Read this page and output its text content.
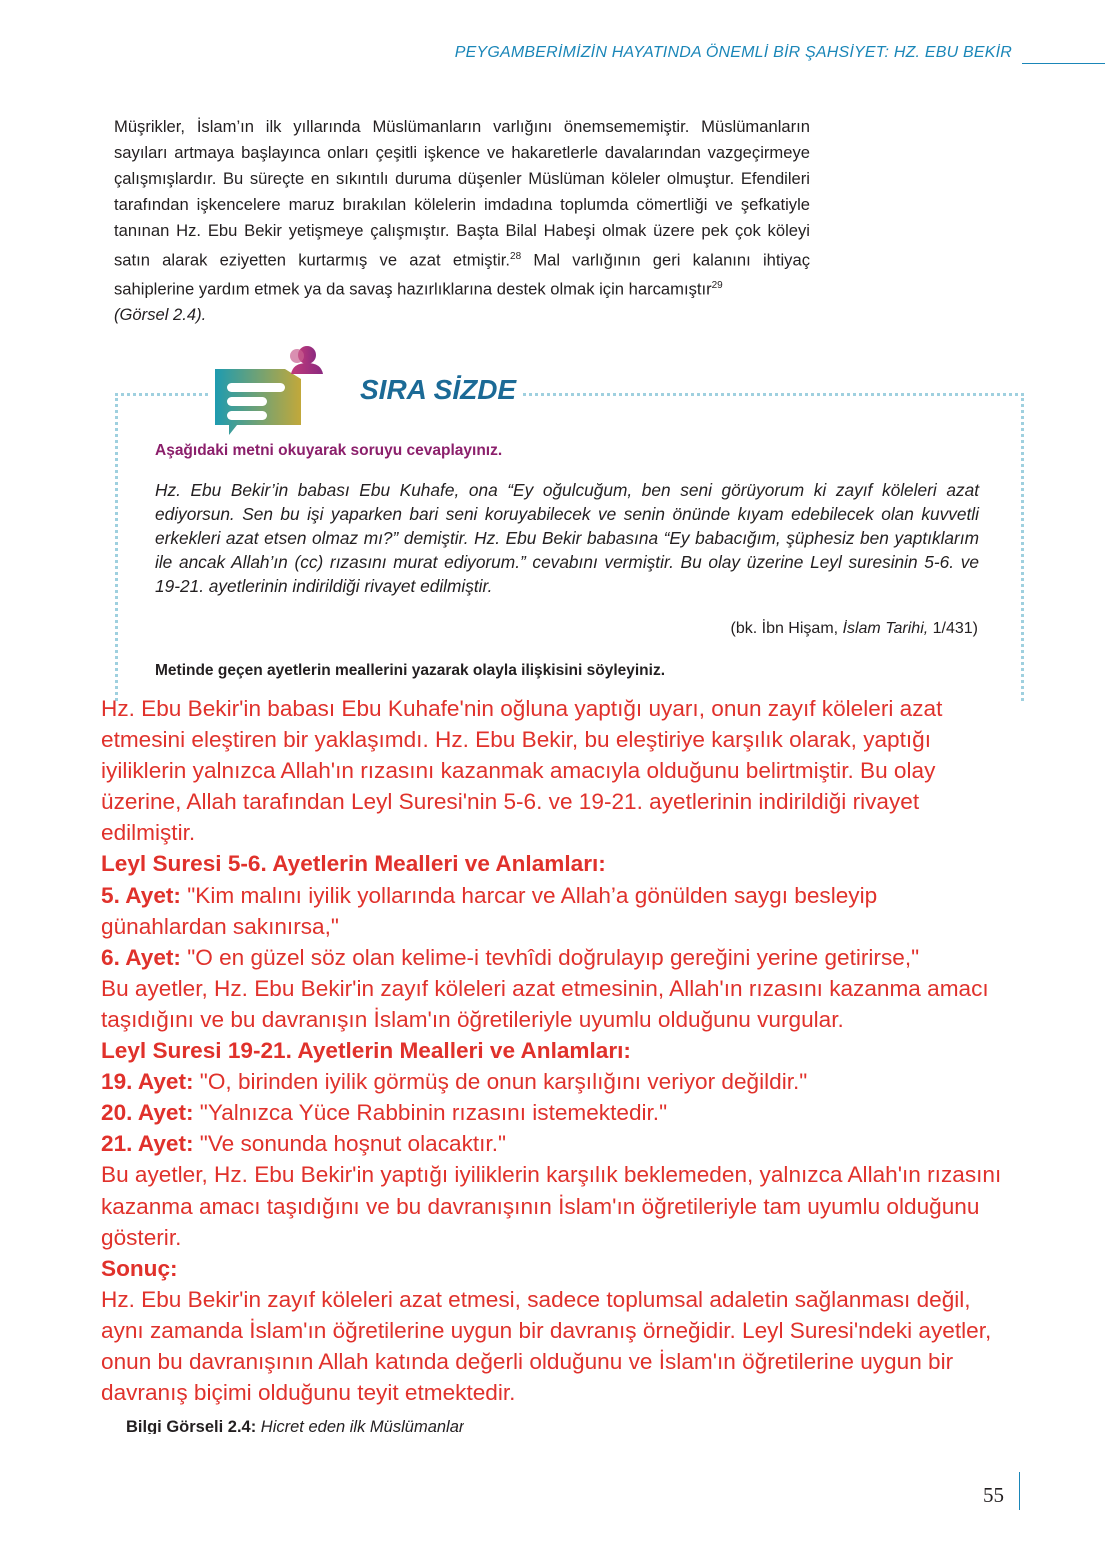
PEYGAMBERİMİZİN HAYATINDA ÖNEMLİ BİR ŞAHSİYET: HZ. EBU BEKİR
Müşrikler, İslam’ın ilk yıllarında Müslümanların varlığını önemsememiştir. Müslümanların sayıları artmaya başlayınca onları çeşitli işkence ve hakaretlerle davalarından vazgeçirmeye çalışmışlardır. Bu süreçte en sıkıntılı duruma düşenler Müslüman köleler olmuştur. Efendileri tarafından işkencelere maruz bırakılan kölelerin imdadına toplumda cömertliği ve şefkatiyle tanınan Hz. Ebu Bekir yetişmeye çalışmıştır. Başta Bilal Habeşi olmak üzere pek çok köleyi satın alarak eziyetten kurtarmış ve azat etmiştir.$^{28}$ Mal varlığının geri kalanını ihtiyaç sahiplerine yardım etmek ya da savaş hazırlıklarına destek olmak için harcamıştır$^{29}$
(Görsel 2.4).
SIRA SİZDE
Aşağıdaki metni okuyarak soruyu cevaplayınız.
Hz. Ebu Bekir’in babası Ebu Kuhafe, ona “Ey oğulcuğum, ben seni görüyorum ki zayıf köleleri azat ediyorsun. Sen bu işi yaparken bari seni koruyabilecek ve senin önünde kıyam edebilecek olan kuvvetli erkekleri azat etsen olmaz mı?” demiştir. Hz. Ebu Bekir babasına “Ey babacığım, şüphesiz ben yaptıklarım ile ancak Allah’ın (cc) rızasını murat ediyorum.” cevabını vermiştir. Bu olay üzerine Leyl suresinin 5-6. ve 19-21. ayetlerinin indirildiği rivayet edilmiştir.
(bk. İbn Hişam, İslam Tarihi, 1/431)
Metinde geçen ayetlerin meallerini yazarak olayla ilişkisini söyleyiniz.
Bilgi Görseli 2.4: Hicret eden ilk Müslümanlar
Hz. Ebu Bekir'in babası Ebu Kuhafe'nin oğluna yaptığı uyarı, onun zayıf köleleri azat
etmesini eleştiren bir yaklaşımdı. Hz. Ebu Bekir, bu eleştiriye karşılık olarak, yaptığı
iyiliklerin yalnızca Allah'ın rızasını kazanmak amacıyla olduğunu belirtmiştir. Bu olay
üzerine, Allah tarafından Leyl Suresi'nin 5-6. ve 19-21. ayetlerinin indirildiği rivayet
edilmiştir.
Leyl Suresi 5-6. Ayetlerin Mealleri ve Anlamları:
5. Ayet: "Kim malını iyilik yollarında harcar ve Allah’a gönülden saygı besleyip
günahlardan sakınırsa,"
6. Ayet: "O en güzel söz olan kelime-i tevhîdi doğrulayıp gereğini yerine getirirse,"
Bu ayetler, Hz. Ebu Bekir'in zayıf köleleri azat etmesinin, Allah'ın rızasını kazanma amacı
taşıdığını ve bu davranışın İslam'ın öğretileriyle uyumlu olduğunu vurgular.
Leyl Suresi 19-21. Ayetlerin Mealleri ve Anlamları:
19. Ayet: "O, birinden iyilik görmüş de onun karşılığını veriyor değildir."
20. Ayet: "Yalnızca Yüce Rabbinin rızasını istemektedir."
21. Ayet: "Ve sonunda hoşnut olacaktır."
Bu ayetler, Hz. Ebu Bekir'in yaptığı iyiliklerin karşılık beklemeden, yalnızca Allah'ın rızasını
kazanma amacı taşıdığını ve bu davranışının İslam'ın öğretileriyle tam uyumlu olduğunu
gösterir.
Sonuç:
Hz. Ebu Bekir'in zayıf köleleri azat etmesi, sadece toplumsal adaletin sağlanması değil,
aynı zamanda İslam'ın öğretilerine uygun bir davranış örneğidir. Leyl Suresi'ndeki ayetler,
onun bu davranışının Allah katında değerli olduğunu ve İslam'ın öğretilerine uygun bir
davranış biçimi olduğunu teyit etmektedir.
55
